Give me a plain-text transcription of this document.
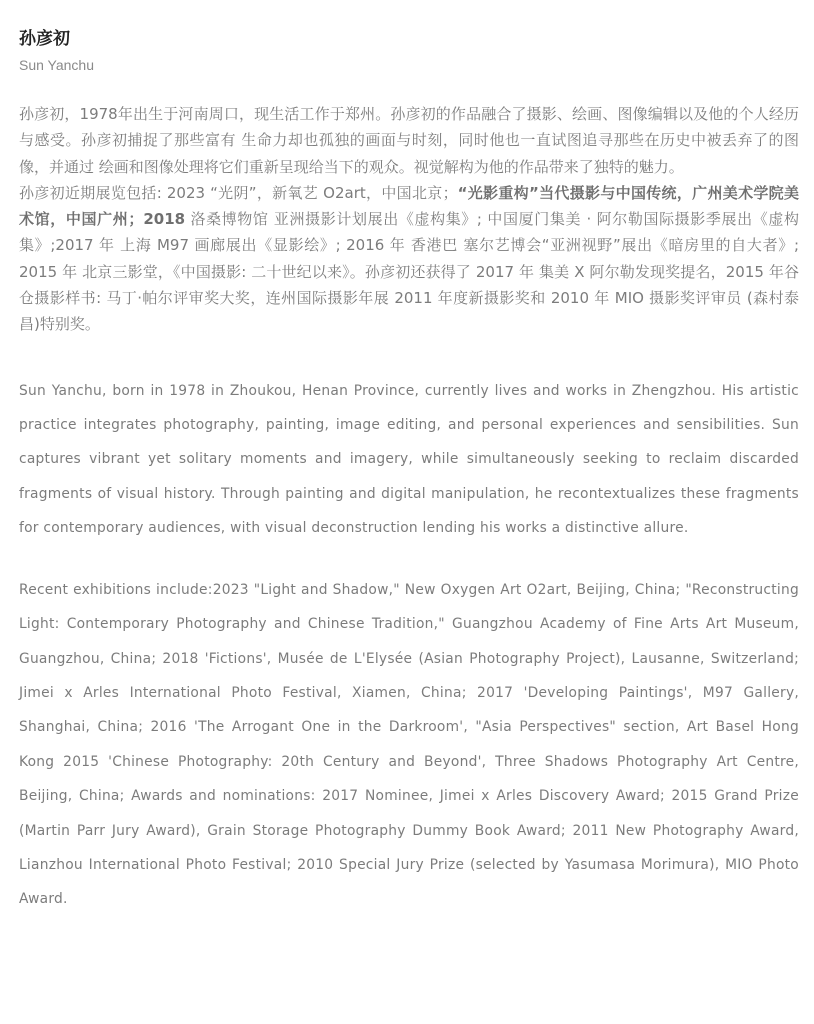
孙彦初
Sun Yanchu

孙彦初，1978年出生于河南周口，现生活工作于郑州。孙彦初的作品融合了摄影、绘画、图像编辑以及他的个人经历与感受。孙彦初捕捉了那些富有 生命力却也孤独的画面与时刻，同时他也一直试图追寻那些在历史中被丢弃了的图像，并通过 绘画和图像处理将它们重新呈现给当下的观众。视觉解构为他的作品带来了独特的魅力。

孙彦初近期展览包括: 2023 “光阴”，新氧艺 O2art，中国北京；“光影重构”当代摄影与中国传统，广州美术学院美术馆，中国广州；2018 洛桑博物馆 亚洲摄影计划展出《虚构集》; 中国厦门集美 · 阿尔勒国际摄影季展出《虚构集》;2017 年 上海 M97 画廊展出《显影绘》; 2016 年 香港巴 塞尔艺博会“亚洲视野”展出《暗房里的自大者》; 2015 年 北京三影堂，《中国摄影: 二十世纪以来》。孙彦初还获得了 2017 年 集美 X 阿尔勒发现奖提名，2015 年谷仓摄影样书: 马丁·帕尔评审奖大奖，连州国际摄影年展 2011 年度新摄影奖和 2010 年 MIO 摄影奖评审员 (森村泰昌)特别奖。

Sun Yanchu, born in 1978 in Zhoukou, Henan Province, currently lives and works in Zhengzhou. His artistic practice integrates photography, painting, image editing, and personal experiences and sensibilities. Sun captures vibrant yet solitary moments and imagery, while simultaneously seeking to reclaim discarded fragments of visual history. Through painting and digital manipulation, he recontextualizes these fragments for contemporary audiences, with visual deconstruction lending his works a distinctive allure.

Recent exhibitions include:2023 "Light and Shadow," New Oxygen Art O2art, Beijing, China; "Reconstructing Light: Contemporary Photography and Chinese Tradition," Guangzhou Academy of Fine Arts Art Museum, Guangzhou, China; 2018 'Fictions', Musée de L'Elysée (Asian Photography Project), Lausanne, Switzerland; Jimei x Arles International Photo Festival, Xiamen, China; 2017 'Developing Paintings', M97 Gallery, Shanghai, China; 2016 'The Arrogant One in the Darkroom', "Asia Perspectives" section, Art Basel Hong Kong 2015 'Chinese Photography: 20th Century and Beyond', Three Shadows Photography Art Centre, Beijing, China; Awards and nominations: 2017 Nominee, Jimei x Arles Discovery Award; 2015 Grand Prize (Martin Parr Jury Award), Grain Storage Photography Dummy Book Award; 2011 New Photography Award, Lianzhou International Photo Festival; 2010 Special Jury Prize (selected by Yasumasa Morimura), MIO Photo Award.
